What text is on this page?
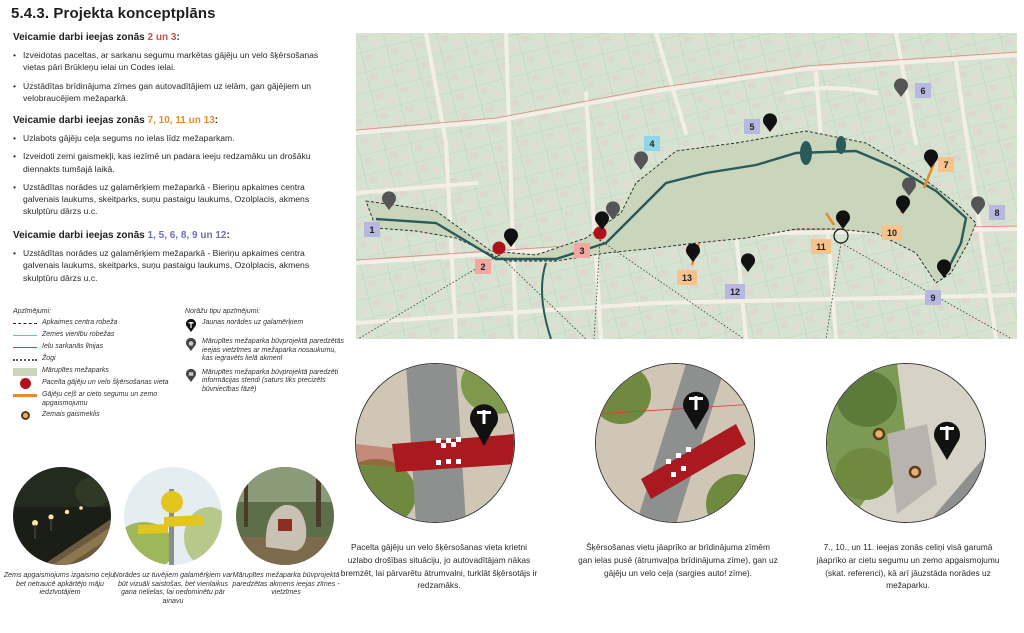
5.4.3. Projekta konceptplāns
Veicamie darbi ieejas zonās 2 un 3:
• Izveidotas paceltas, ar sarkanu segumu markētas gājēju un velo šķērsošanas vietas pāri Brūkleņu ielai un Codes ielai.
• Uzstādītas brīdinājuma zīmes gan autovadītājiem uz ielām, gan gājējiem un velobraucējiem mežaparkā.
Veicamie darbi ieejas zonās 7, 10, 11 un 13:
• Uzlabots gājēju ceļa segums no ielas līdz mežaparkam.
• Izveidoti zemi gaismekļi, kas iezīmē un padara ieeju redzamāku un drošāku diennakts tumšajā laikā.
• Uzstādītas norādes uz galamērķiem mežaparkā - Bieriņu apkaimes centra galvenais laukums, skeitparks, suņu pastaigu laukums, Ozolplacis, akmens skulptūru dārzs u.c.
Veicamie darbi ieejas zonās 1, 5, 6, 8, 9 un 12:
• Uzstādītas norādes uz galamērķiem mežaparkā - Bieriņu apkaimes centra galvenais laukums, skeitparks, suņu pastaigu laukums, Ozolplacis, akmens skulptūru dārzs u.c.
Apzīmējumi:
Apkaimes centra robeža
Zemes vienību robežas
Ielu sarkanās līnijas
Žogi
Mārupītes mežaparks
Pacelta gājēju un velo šķērsošanas vieta
Gājēju ceļš ar cieto segumu un zemo apgaismojumu
Zemais gaismeklis
Norāžu tipu apzīmējumi:
Jaunas norādes uz galamērķiem
Mārupītes mežaparka būvprojektā paredzētās ieejas vietzīmes ar mežaparka nosaukumu, kas iegravēts lielā akmenī
Mārupītes mežaparka būvprojektā paredzēti informācijas stendi (saturs tiks precizēts būvniecības fāzē)
Zems apgaismojums izgaismo ceļu, bet netraucē apkārtējo māju iedzīvotājiem
Norādes uz tuvējiem galamērķiem var būt vizuāli saistošas, bet vienlaikus gana nelielas, lai nedominētu pār ainavu
Mārupītes mežaparka būvprojektā paredzētas akmens ieejas zīmes - vietzīmes
1
2
3
4
5
6
7
8
9
10
11
12
13
Pacelta gājēju un velo šķērsošanas vieta krietni uzlabo drošības situāciju, jo autovadītājam nākas bremzēt, lai pārvarētu ātrumvalni, turklāt šķērsotājs ir redzamāks.
Šķērsošanas vietu jāaprīko ar brīdinājuma zīmēm gan ielas pusē (ātrumvaļņa brīdinājuma zīme), gan uz gājēju un velo ceļa (sargies auto! zīme).
7., 10., un 11. ieejas zonās celiņi visā garumā jāaprīko ar cietu segumu un zemo apgaismojumu (skat. referenci), kā arī jāuzstāda norādes uz mežaparku.
